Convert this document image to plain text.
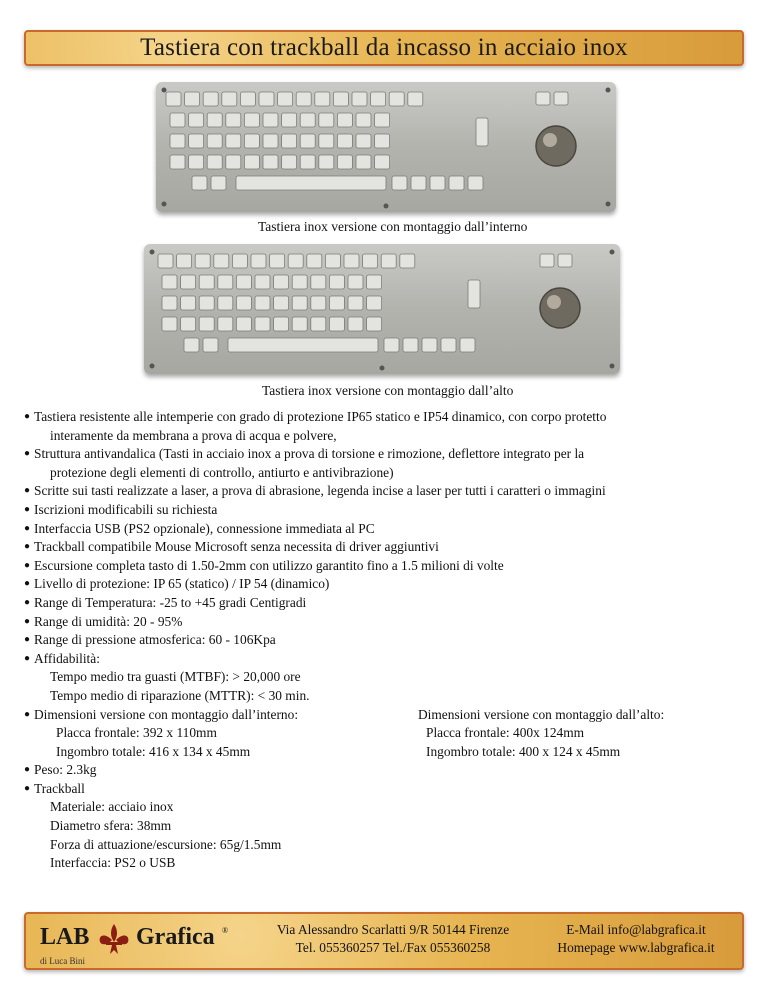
Tastiera con trackball da incasso in acciaio inox
Tastiera inox versione con montaggio dall’interno
Tastiera inox versione con montaggio dall’alto
● Tastiera resistente alle intemperie con grado di protezione IP65 statico e IP54 dinamico, con corpo protetto
interamente da membrana a prova di acqua e polvere,
● Struttura antivandalica (Tasti in acciaio inox a prova di torsione e rimozione, deflettore integrato per la
protezione degli elementi di controllo, antiurto e antivibrazione)
● Scritte sui tasti realizzate a laser, a prova di abrasione, legenda incise a laser per tutti i caratteri o immagini
● Iscrizioni modificabili su richiesta
● Interfaccia USB (PS2 opzionale), connessione immediata al PC
● Trackball compatibile Mouse Microsoft senza necessita di driver aggiuntivi
● Escursione completa tasto di 1.50-2mm con utilizzo garantito fino a 1.5 milioni di volte
● Livello di protezione: IP 65 (statico) / IP 54 (dinamico)
● Range di Temperatura: -25 to +45 gradi Centigradi
● Range di umidità: 20 - 95%
● Range di pressione atmosferica: 60 - 106Kpa
● Affidabilità:
Tempo medio tra guasti (MTBF): > 20,000 ore
Tempo medio di riparazione (MTTR): < 30 min.
● Dimensioni versione con montaggio dall’interno:
Placca frontale: 392 x 110mm
Ingombro totale: 416 x 134 x 45mm
Dimensioni versione con montaggio dall’alto:
Placca frontale: 400x 124mm
Ingombro totale: 400 x 124 x 45mm
● Peso: 2.3kg
● Trackball
Materiale: acciaio inox
Diametro sfera: 38mm
Forza di attuazione/escursione: 65g/1.5mm
Interfaccia: PS2 o USB
LAB Grafica ®
di Luca Bini
Via Alessandro Scarlatti 9/R 50144 Firenze
Tel. 055360257 Tel./Fax 055360258
E-Mail info@labgrafica.it
Homepage www.labgrafica.it
